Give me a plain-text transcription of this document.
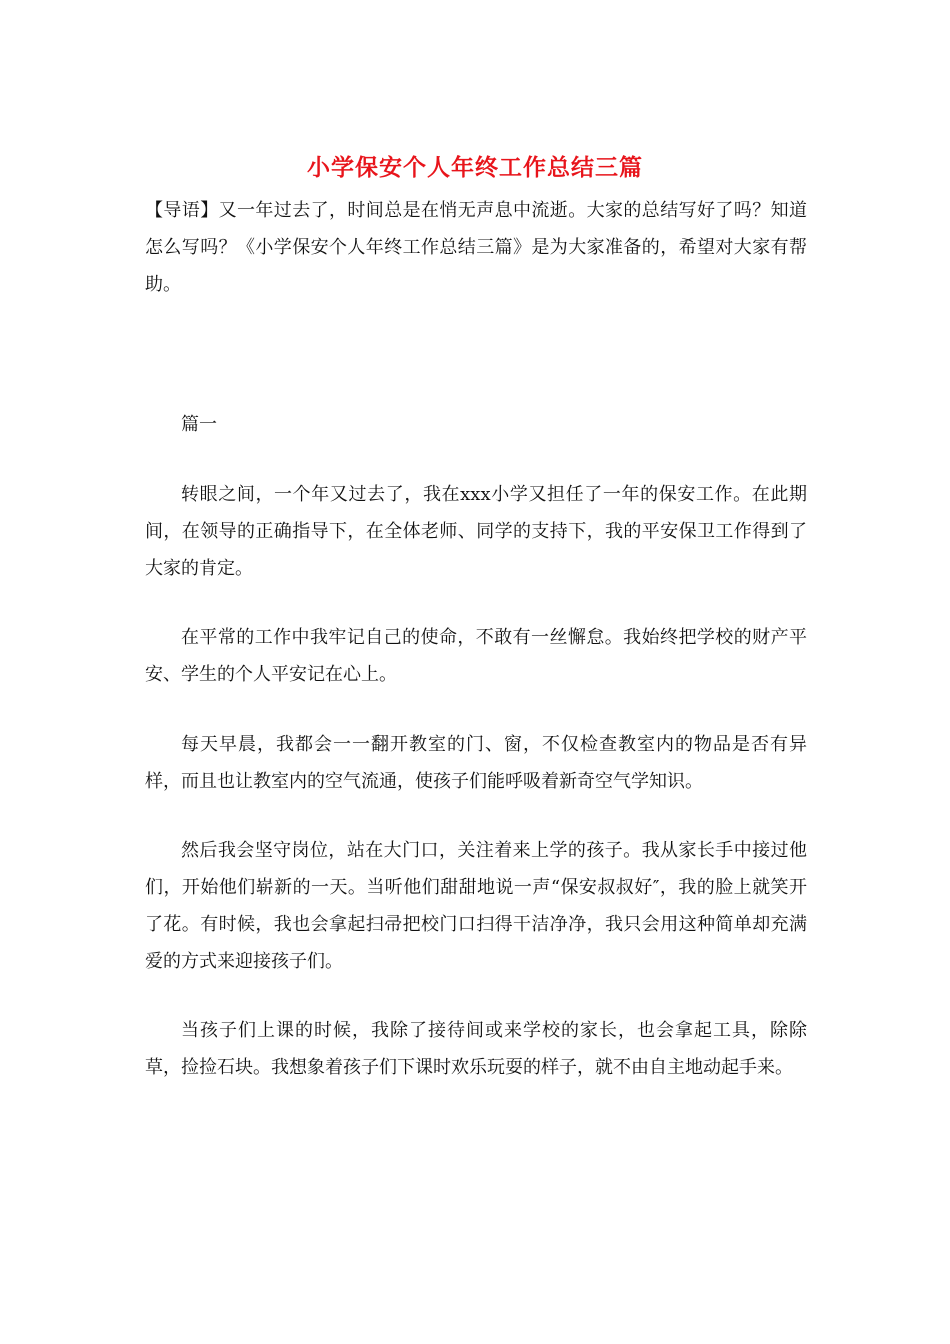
小学保安个人年终工作总结三篇

【导语】又一年过去了，时间总是在悄无声息中流逝。大家的总结写好了吗？知道怎么写吗？《小学保安个人年终工作总结三篇》是为大家准备的，希望对大家有帮助。

篇一

转眼之间，一个年又过去了，我在xxx小学又担任了一年的保安工作。在此期间，在领导的正确指导下，在全体老师、同学的支持下，我的平安保卫工作得到了大家的肯定。

在平常的工作中我牢记自己的使命，不敢有一丝懈怠。我始终把学校的财产平安、学生的个人平安记在心上。

每天早晨，我都会一一翻开教室的门、窗，不仅检查教室内的物品是否有异样，而且也让教室内的空气流通，使孩子们能呼吸着新奇空气学知识。

然后我会坚守岗位，站在大门口，关注着来上学的孩子。我从家长手中接过他们，开始他们崭新的一天。当听他们甜甜地说一声“保安叔叔好″，我的脸上就笑开了花。有时候，我也会拿起扫帚把校门口扫得干洁净净，我只会用这种简单却充满爱的方式来迎接孩子们。

当孩子们上课的时候，我除了接待间或来学校的家长，也会拿起工具，除除草，捡捡石块。我想象着孩子们下课时欢乐玩耍的样子，就不由自主地动起手来。
